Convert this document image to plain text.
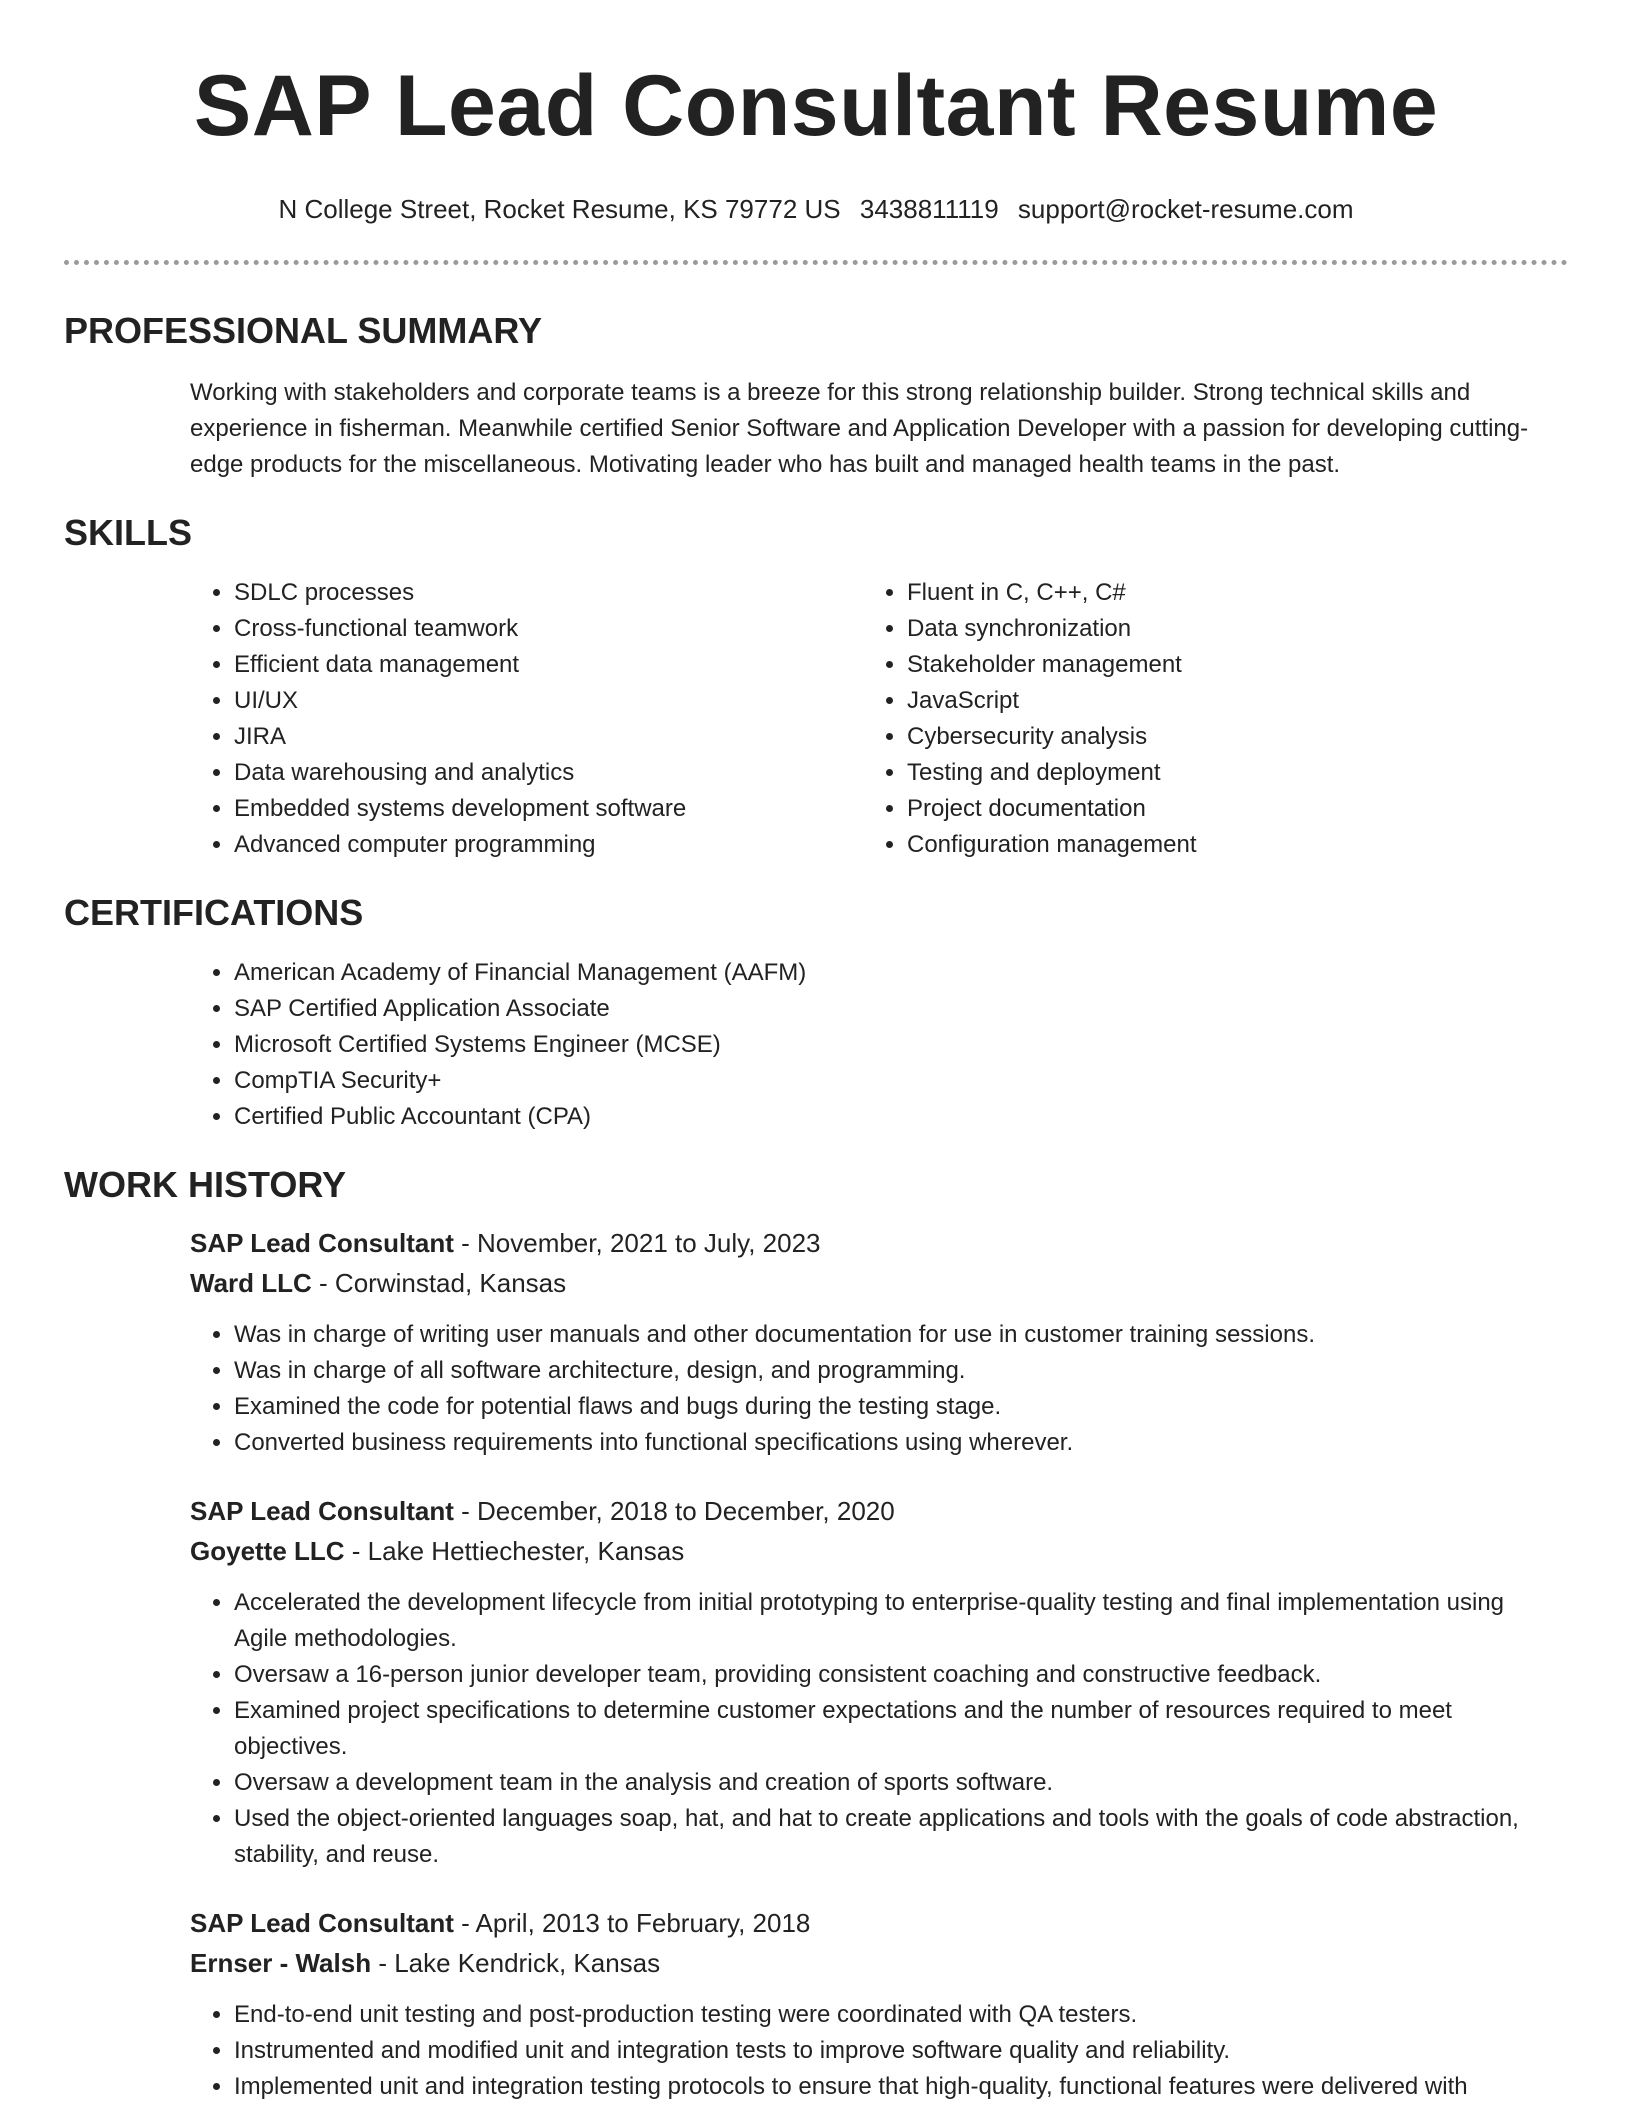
SAP Lead Consultant Resume
N College Street, Rocket Resume, KS 79772 US 3438811119 support@rocket-resume.com
PROFESSIONAL SUMMARY

Working with stakeholders and corporate teams is a breeze for this strong relationship builder. Strong technical skills and experience in fisherman. Meanwhile certified Senior Software and Application Developer with a passion for developing cutting-edge products for the miscellaneous. Motivating leader who has built and managed health teams in the past.

SKILLS
• SDLC processes
• Cross-functional teamwork
• Efficient data management
• UI/UX
• JIRA
• Data warehousing and analytics
• Embedded systems development software
• Advanced computer programming
• Fluent in C, C++, C#
• Data synchronization
• Stakeholder management
• JavaScript
• Cybersecurity analysis
• Testing and deployment
• Project documentation
• Configuration management
CERTIFICATIONS
• American Academy of Financial Management (AAFM)
• SAP Certified Application Associate
• Microsoft Certified Systems Engineer (MCSE)
• CompTIA Security+
• Certified Public Accountant (CPA)
WORK HISTORY
SAP Lead Consultant - November, 2021 to July, 2023
Ward LLC - Corwinstad, Kansas
• Was in charge of writing user manuals and other documentation for use in customer training sessions.
• Was in charge of all software architecture, design, and programming.
• Examined the code for potential flaws and bugs during the testing stage.
• Converted business requirements into functional specifications using wherever.
SAP Lead Consultant - December, 2018 to December, 2020
Goyette LLC - Lake Hettiechester, Kansas
• Accelerated the development lifecycle from initial prototyping to enterprise-quality testing and final implementation using Agile methodologies.
• Oversaw a 16-person junior developer team, providing consistent coaching and constructive feedback.
• Examined project specifications to determine customer expectations and the number of resources required to meet objectives.
• Oversaw a development team in the analysis and creation of sports software.
• Used the object-oriented languages soap, hat, and hat to create applications and tools with the goals of code abstraction, stability, and reuse.
SAP Lead Consultant - April, 2013 to February, 2018
Ernser - Walsh - Lake Kendrick, Kansas
• End-to-end unit testing and post-production testing were coordinated with QA testers.
• Instrumented and modified unit and integration tests to improve software quality and reliability.
• Implemented unit and integration testing protocols to ensure that high-quality, functional features were delivered with
